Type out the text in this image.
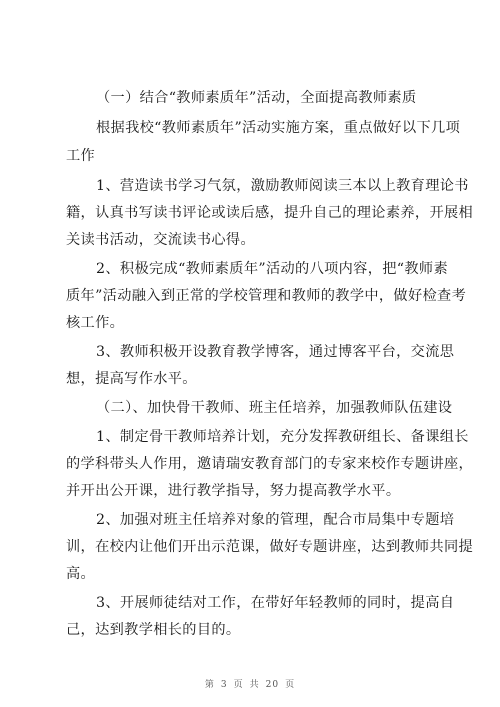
（一）结合“教师素质年”活动，全面提高教师素质
根据我校“教师素质年”活动实施方案，重点做好以下几项
工作
1、营造读书学习气氛，激励教师阅读三本以上教育理论书
籍，认真书写读书评论或读后感，提升自己的理论素养，开展相
关读书活动，交流读书心得。
2、积极完成“教师素质年”活动的八项内容，把“教师素
质年”活动融入到正常的学校管理和教师的教学中，做好检查考
核工作。
3、教师积极开设教育教学博客，通过博客平台，交流思
想，提高写作水平。
（二）、加快骨干教师、班主任培养，加强教师队伍建设
1、制定骨干教师培养计划，充分发挥教研组长、备课组长
的学科带头人作用，邀请瑞安教育部门的专家来校作专题讲座，
并开出公开课，进行教学指导，努力提高教学水平。
2、加强对班主任培养对象的管理，配合市局集中专题培
训，在校内让他们开出示范课，做好专题讲座，达到教师共同提
高。
3、开展师徒结对工作，在带好年轻教师的同时，提高自
己，达到教学相长的目的。
第 3 页 共 20 页
